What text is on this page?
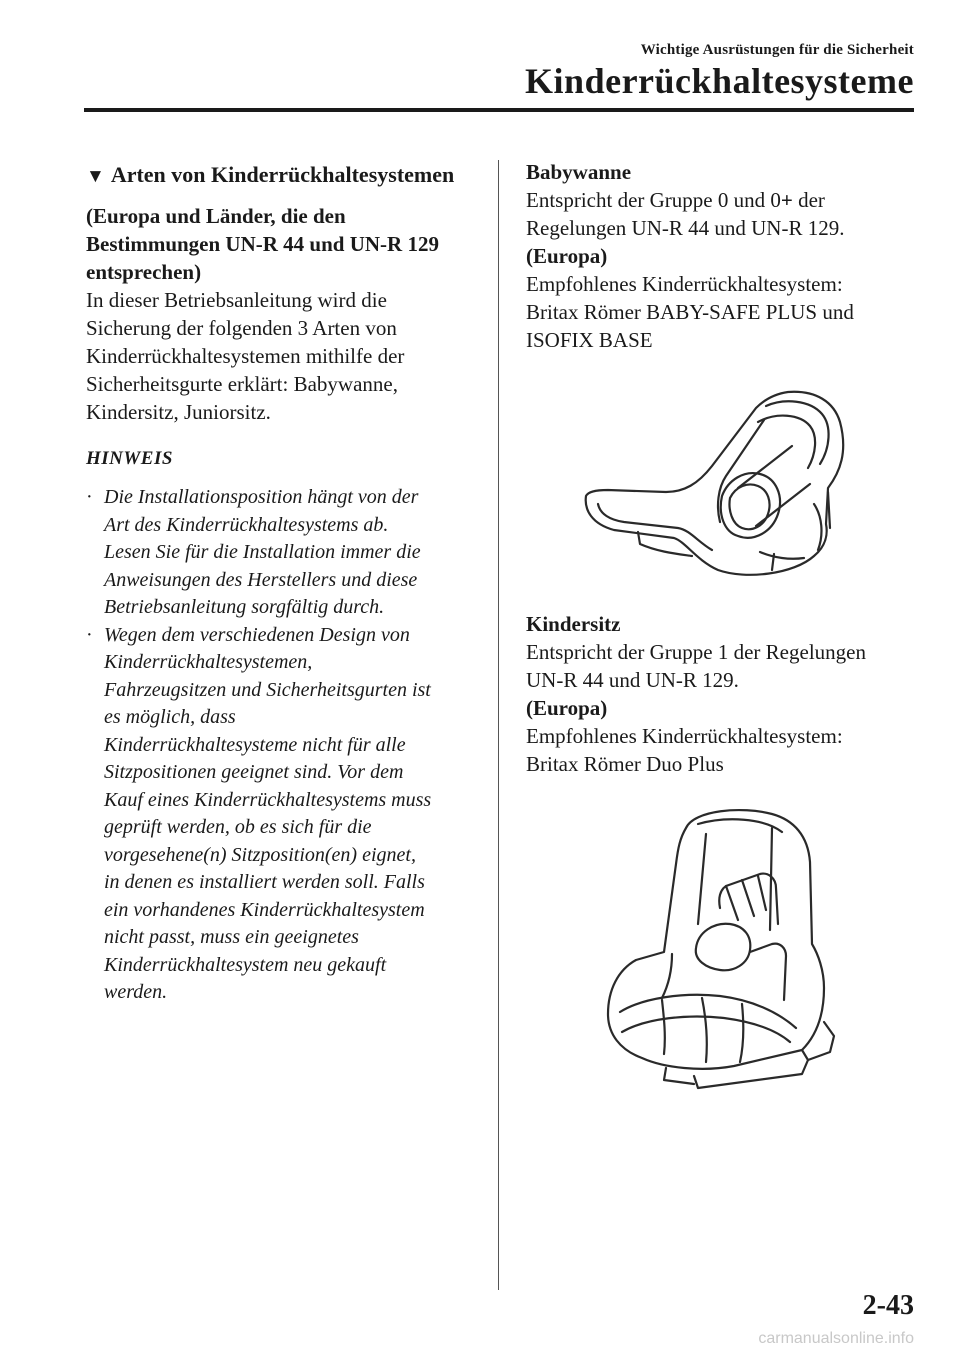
Wichtige Ausrüstungen für die Sicherheit
Kinderrückhaltesysteme
▼ Arten von Kinderrückhaltesystemen
(Europa und Länder, die den
Bestimmungen UN-R 44 und UN-R 129
entsprechen)
In dieser Betriebsanleitung wird die
Sicherung der folgenden 3 Arten von
Kinderrückhaltesystemen mithilfe der
Sicherheitsgurte erklärt: Babywanne,
Kindersitz, Juniorsitz.
HINWEIS
· Die Installationsposition hängt von der
Art des Kinderrückhaltesystems ab.
Lesen Sie für die Installation immer die
Anweisungen des Herstellers und diese
Betriebsanleitung sorgfältig durch.
· Wegen dem verschiedenen Design von
Kinderrückhaltesystemen,
Fahrzeugsitzen und Sicherheitsgurten ist
es möglich, dass
Kinderrückhaltesysteme nicht für alle
Sitzpositionen geeignet sind. Vor dem
Kauf eines Kinderrückhaltesystems muss
geprüft werden, ob es sich für die
vorgesehene(n) Sitzposition(en) eignet,
in denen es installiert werden soll. Falls
ein vorhandenes Kinderrückhaltesystem
nicht passt, muss ein geeignetes
Kinderrückhaltesystem neu gekauft
werden.
Babywanne
Entspricht der Gruppe 0 und 0+ der
Regelungen UN-R 44 und UN-R 129.
(Europa)
Empfohlenes Kinderrückhaltesystem:
Britax Römer BABY-SAFE PLUS und
ISOFIX BASE
Kindersitz
Entspricht der Gruppe 1 der Regelungen
UN-R 44 und UN-R 129.
(Europa)
Empfohlenes Kinderrückhaltesystem:
Britax Römer Duo Plus
2-43
carmanualsonline.info
